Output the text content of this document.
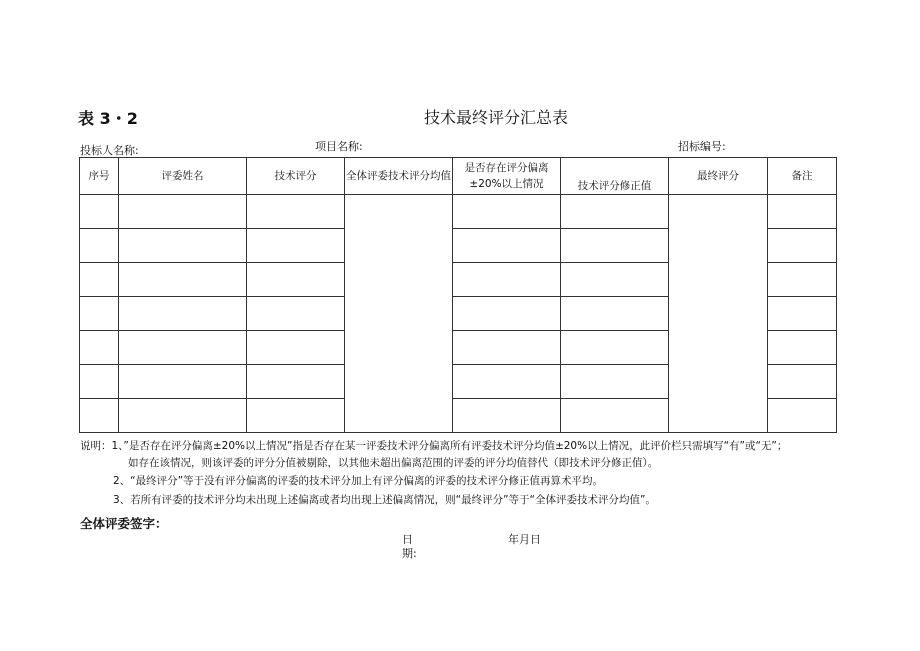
表 3・2	技术最终评分汇总表
投标人名称:	项目名称:	招标编号:
序号	评委姓名	技术评分	全体评委技术评分均值	是否存在评分偏离±20%以上情况	技术评分修正值	最终评分	备注

说明：1、”是否存在评分偏离±20%以上情况”指是否存在某一评委技术评分偏离所有评委技术评分均值±20%以上情况，此评价栏只需填写“有”或“无”；
如存在该情况，则该评委的评分分值被剔除，以其他未超出偏离范围的评委的评分均值替代（即技术评分修正值）。
2、“最终评分”等于没有评分偏离的评委的技术评分加上有评分偏离的评委的技术评分修正值再算术平均。
3、若所有评委的技术评分均未出现上述偏离或者均出现上述偏离情况，则“最终评分”等于“全体评委技术评分均值”。
全体评委签字：
日
期:
年月日
